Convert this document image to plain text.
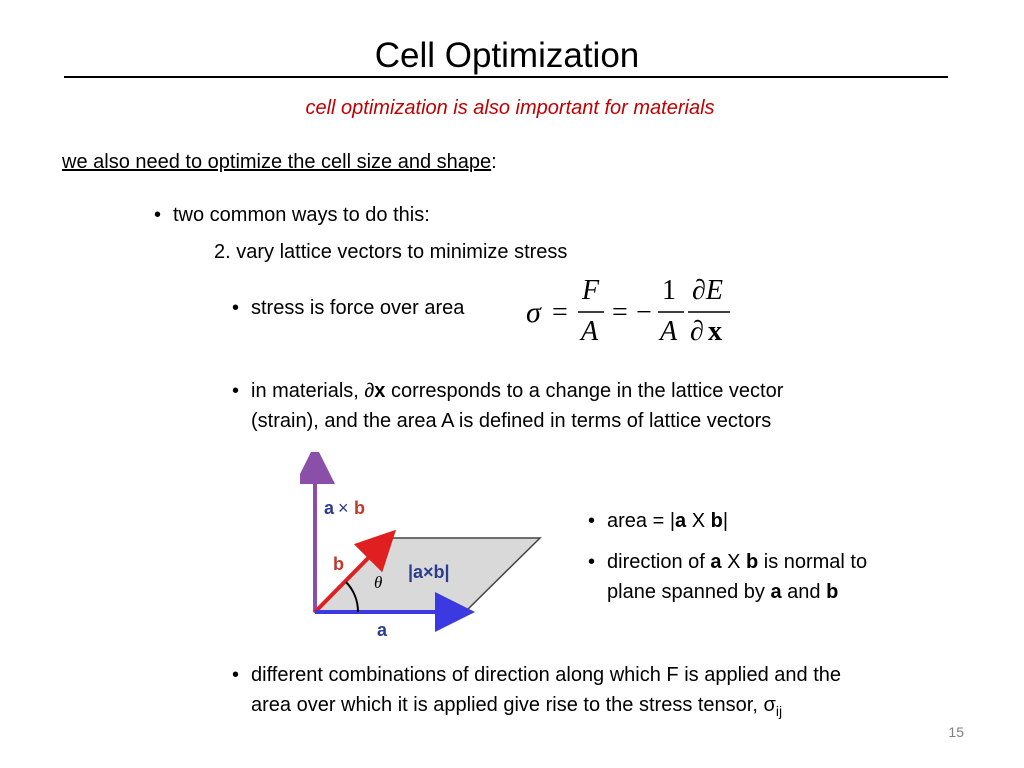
Cell Optimization
cell optimization is also important for materials
we also need to optimize the cell size and shape:
• two common ways to do this:
2. vary lattice vectors to minimize stress
• stress is force over area σ =
F
A
= −
1
A
∂E
∂ x
• in materials, ∂x corresponds to a change in the lattice vector
(strain), and the area A is defined in terms of lattice vectors
a × b
b
θ
|a×b|
a
• area = |a X b|
• direction of a X b is normal to
plane spanned by a and b
• different combinations of direction along which F is applied and the
area over which it is applied give rise to the stress tensor, $\sigma_{ij}$
15
